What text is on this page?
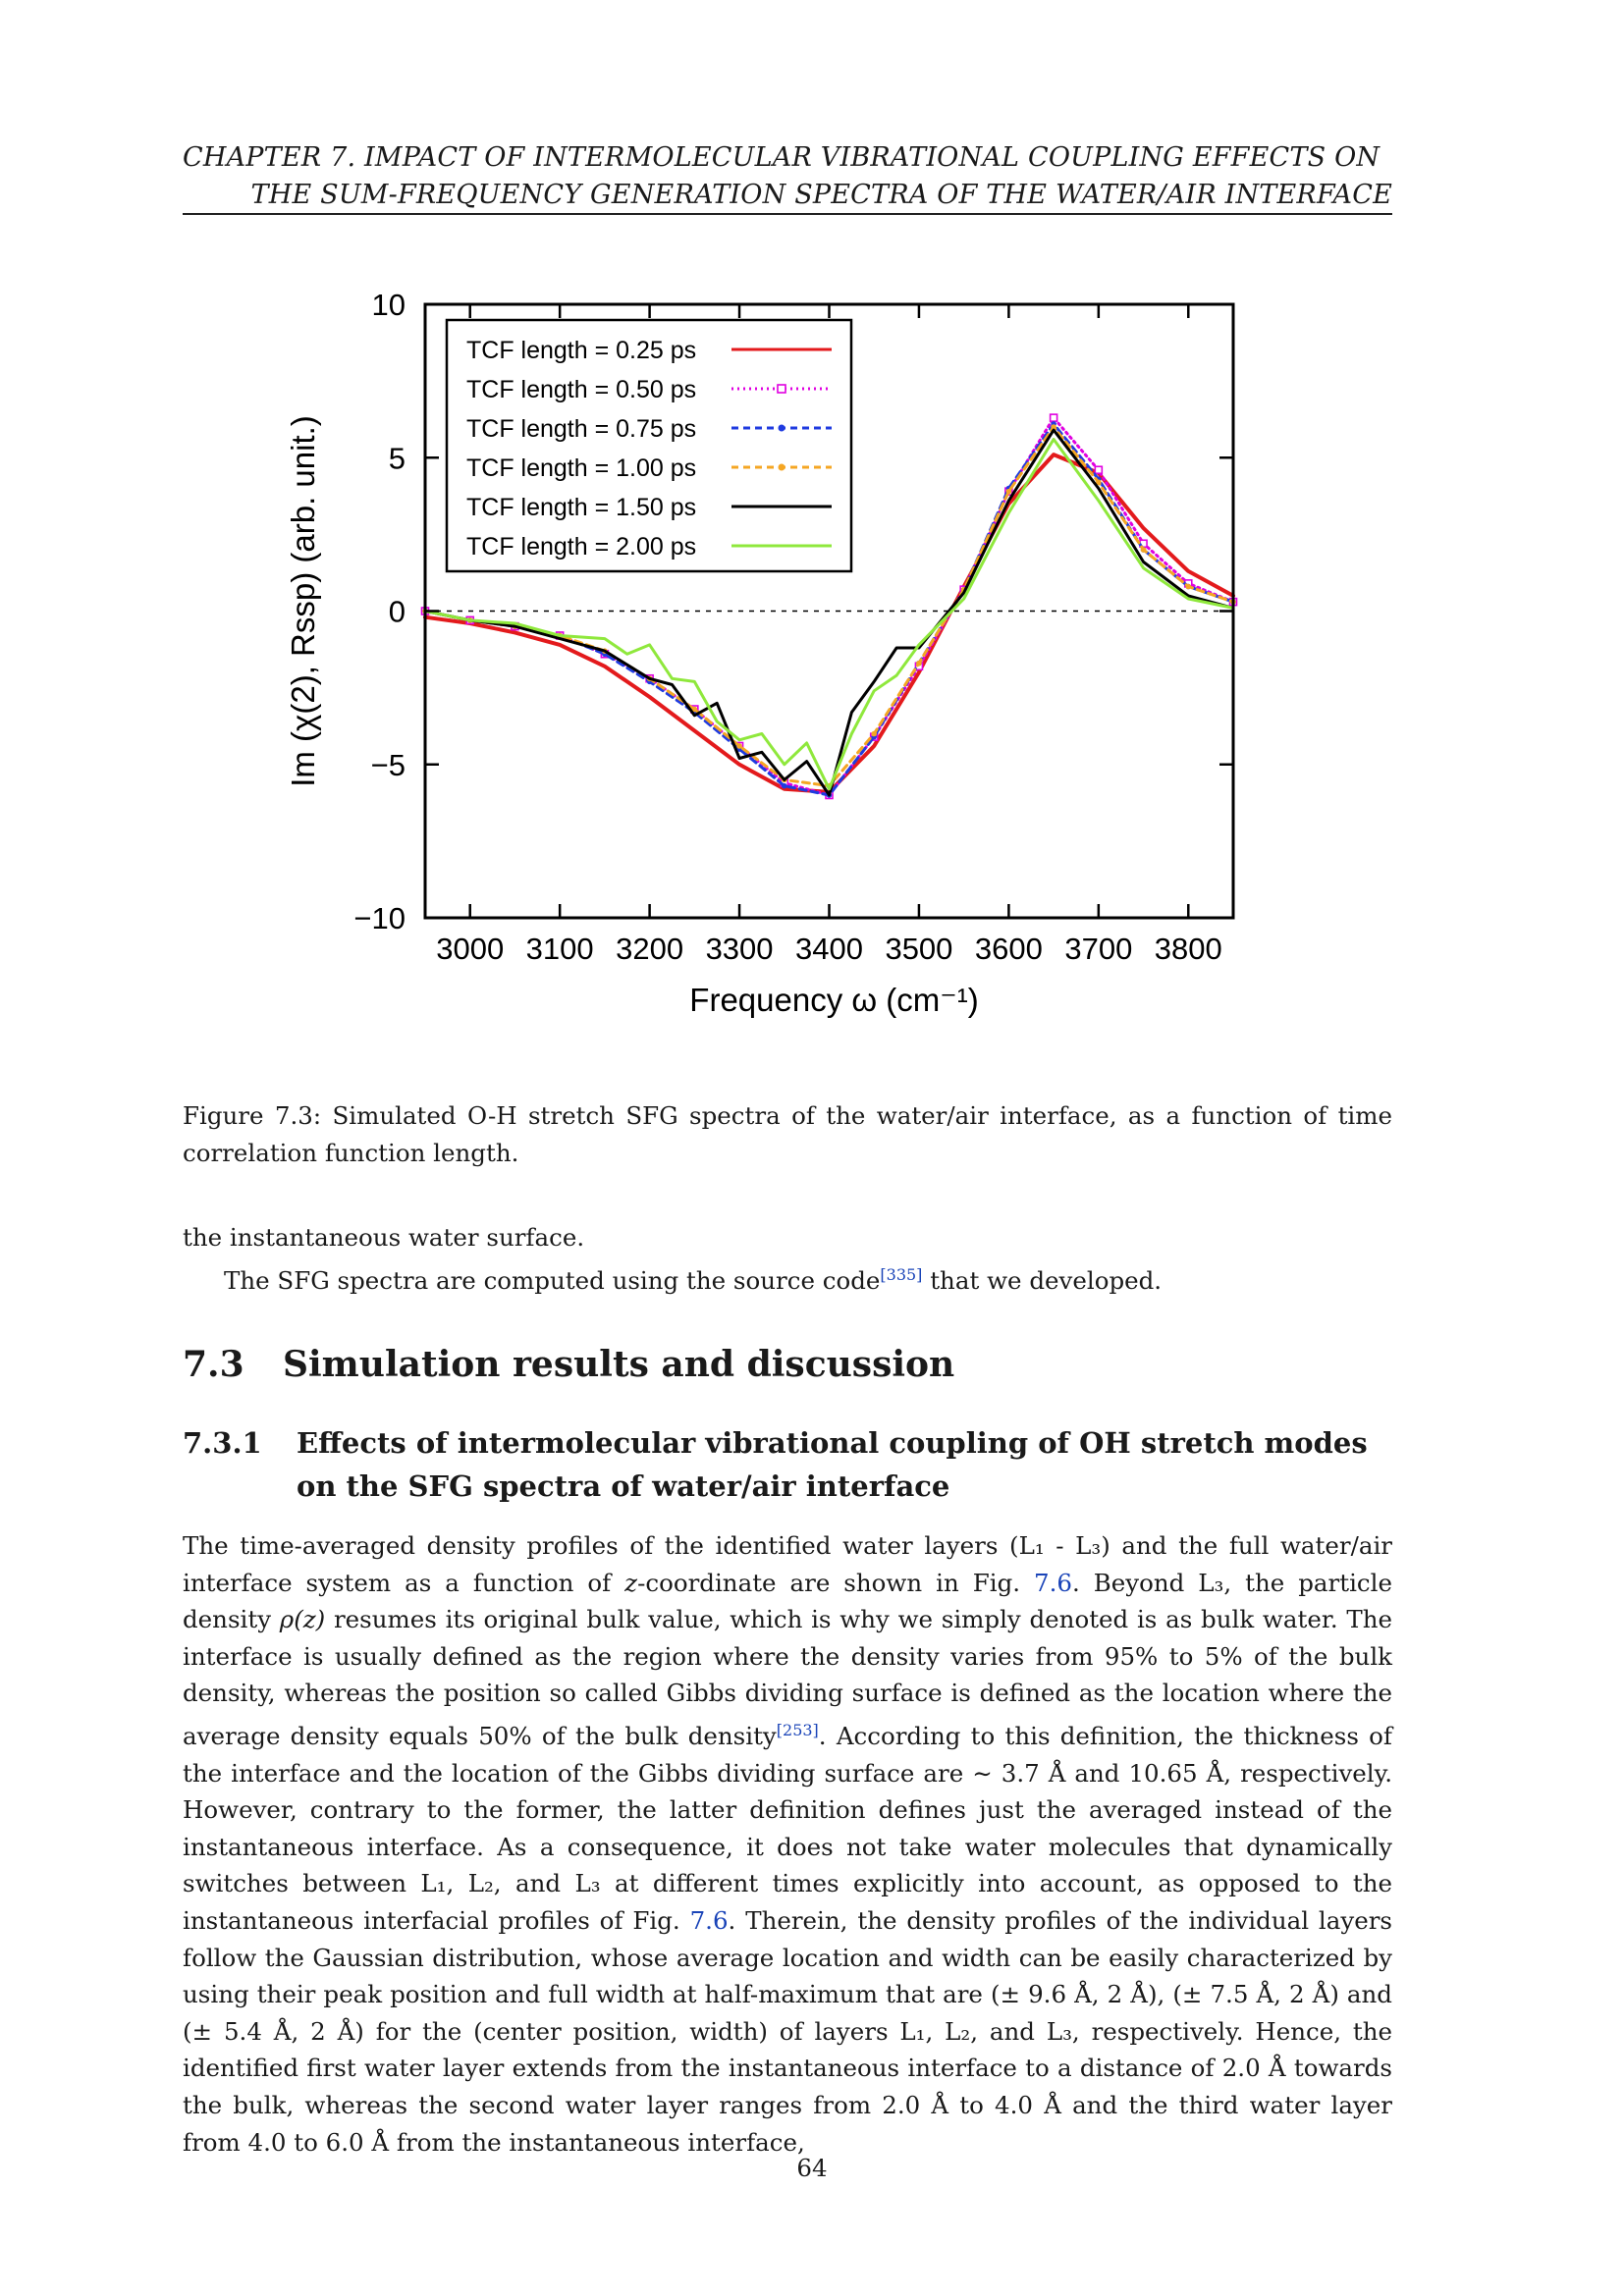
CHAPTER 7. IMPACT OF INTERMOLECULAR VIBRATIONAL COUPLING EFFECTS ON
THE SUM-FREQUENCY GENERATION SPECTRA OF THE WATER/AIR INTERFACE
3000 3100 3200 3300 3400 3500 3600 3700 3800
10
5
0
−5
−10
Frequency ω (cm⁻¹)
Im (χ(2), Rssp) (arb. unit.)
TCF length = 0.25 ps
TCF length = 0.50 ps
TCF length = 0.75 ps
TCF length = 1.00 ps
TCF length = 1.50 ps
TCF length = 2.00 ps
Figure 7.3: Simulated O-H stretch SFG spectra of the water/air interface, as a function of time correlation function length.

the instantaneous water surface.

The SFG spectra are computed using the source code[335] that we developed.

7.3 Simulation results and discussion
7.3.1 Effects of intermolecular vibrational coupling of OH stretch modes on the SFG spectra of water/air interface

The time-averaged density profiles of the identified water layers (L₁ - L₃) and the full water/air interface system as a function of z-coordinate are shown in Fig. 7.6. Beyond L₃, the particle density ρ(z) resumes its original bulk value, which is why we simply denoted is as bulk water. The interface is usually defined as the region where the density varies from 95% to 5% of the bulk density, whereas the position so called Gibbs dividing surface is defined as the location where the average density equals 50% of the bulk density[253]. According to this definition, the thickness of the interface and the location of the Gibbs dividing surface are ∼ 3.7 Å and 10.65 Å, respectively. However, contrary to the former, the latter definition defines just the averaged instead of the instantaneous interface. As a consequence, it does not take water molecules that dynamically switches between L₁, L₂, and L₃ at different times explicitly into account, as opposed to the instantaneous interfacial profiles of Fig. 7.6. Therein, the density profiles of the individual layers follow the Gaussian distribution, whose average location and width can be easily characterized by using their peak position and full width at half-maximum that are (± 9.6 Å, 2 Å), (± 7.5 Å, 2 Å) and (± 5.4 Å, 2 Å) for the (center position, width) of layers L₁, L₂, and L₃, respectively. Hence, the identified first water layer extends from the instantaneous interface to a distance of 2.0 Å towards the bulk, whereas the second water layer ranges from 2.0 Å to 4.0 Å and the third water layer from 4.0 to 6.0 Å from the instantaneous interface,

64
